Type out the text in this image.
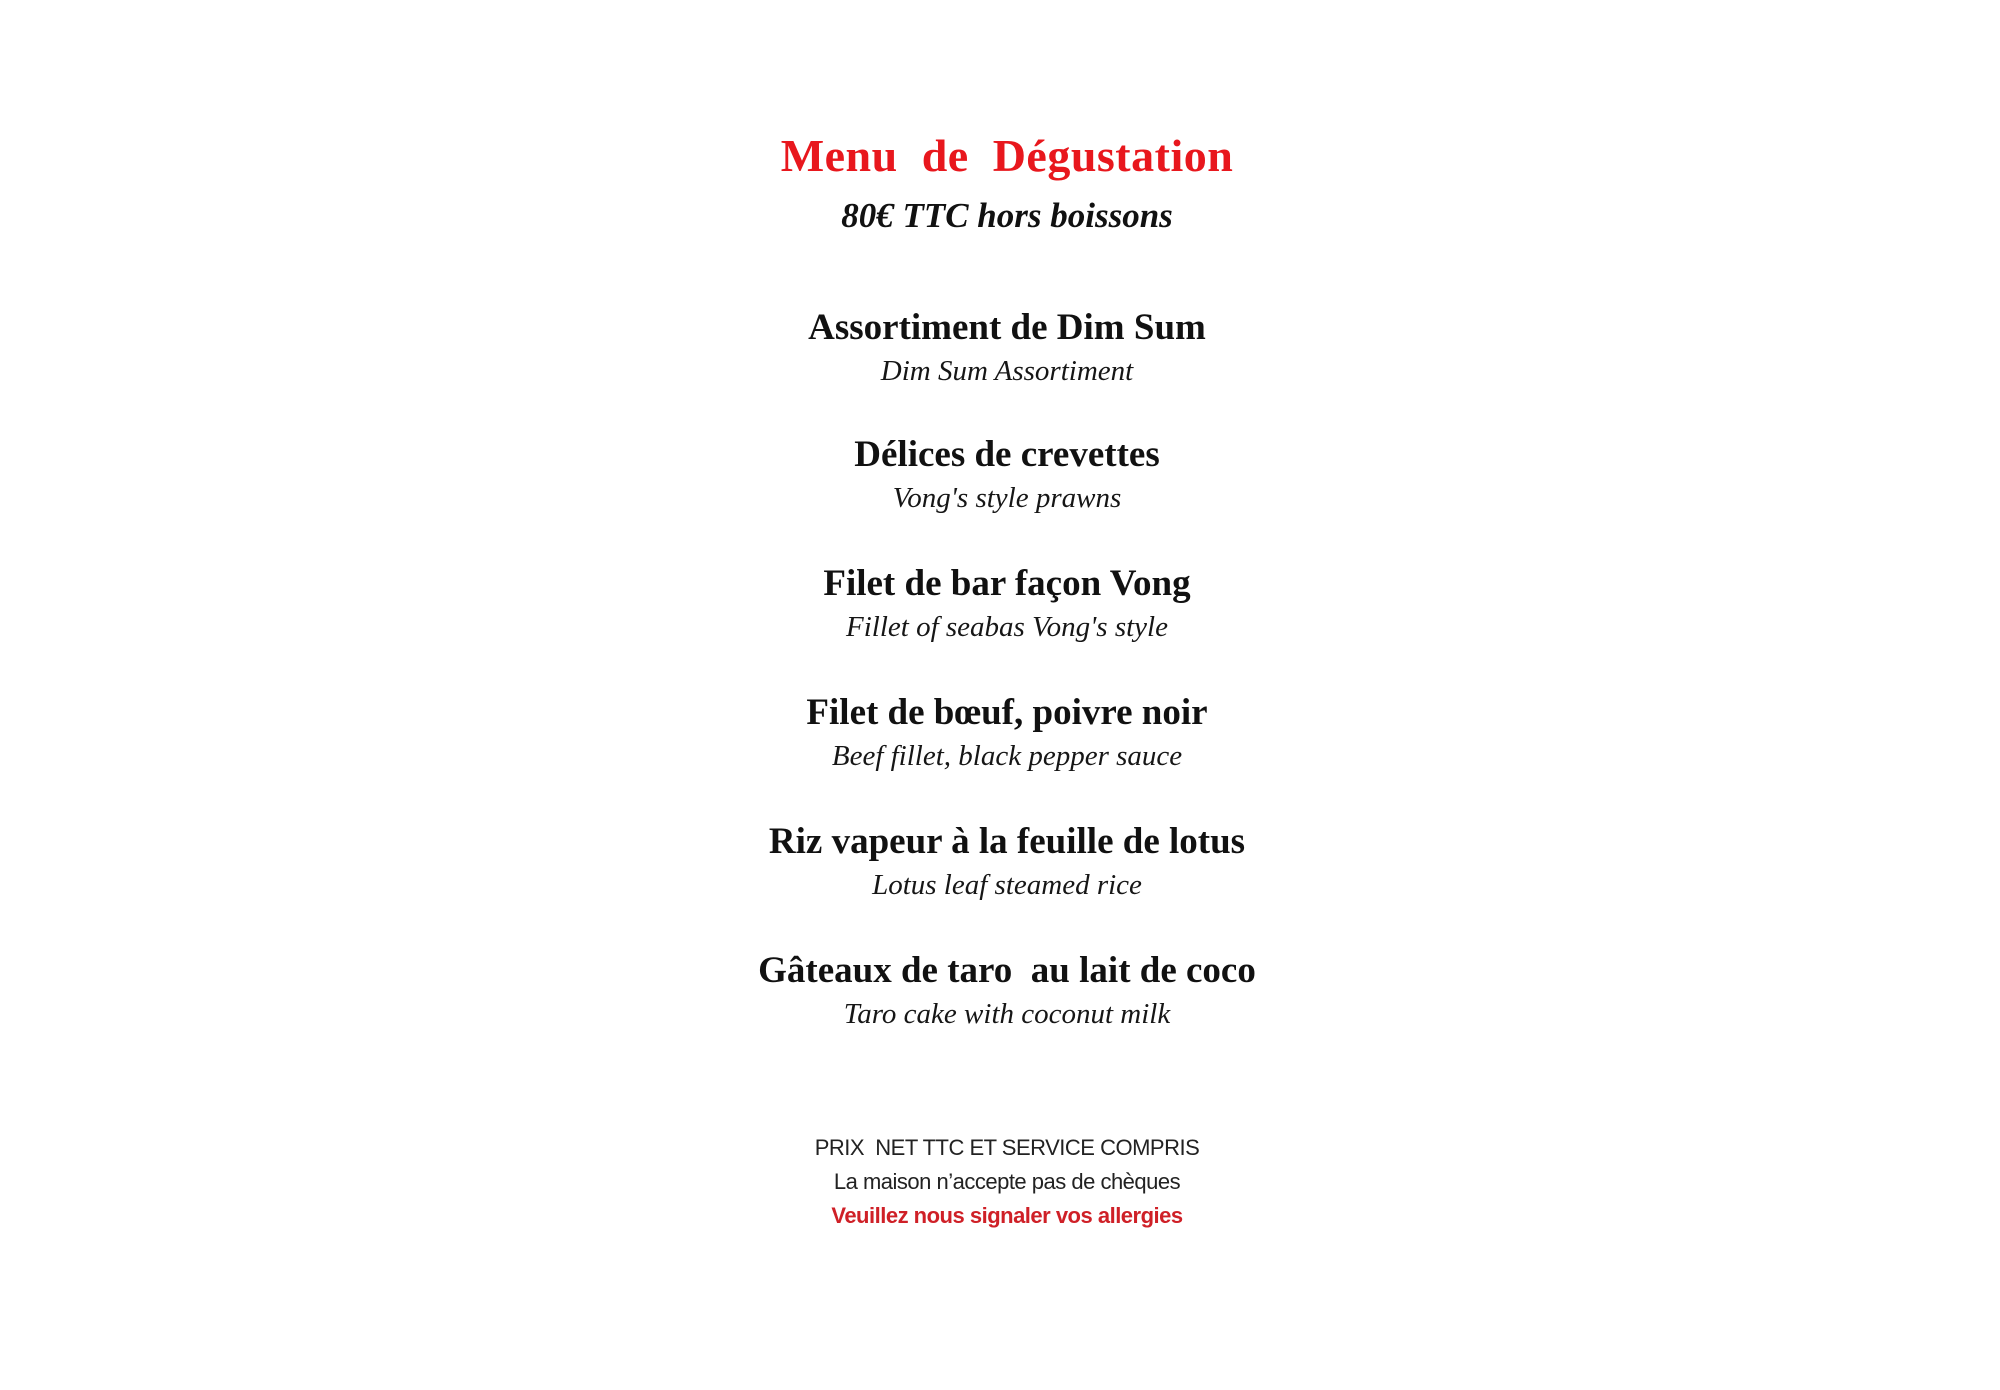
Menu  de  Dégustation
80€ TTC hors boissons
Assortiment de Dim Sum
Dim Sum Assortiment
Délices de crevettes
Vong's style prawns
Filet de bar façon Vong
Fillet of seabas Vong's style
Filet de bœuf, poivre noir
Beef fillet, black pepper sauce
Riz vapeur à la feuille de lotus
Lotus leaf steamed rice
Gâteaux de taro  au lait de coco
Taro cake with coconut milk
PRIX  NET TTC ET SERVICE COMPRIS
La maison n’accepte pas de chèques
Veuillez nous signaler vos allergies
